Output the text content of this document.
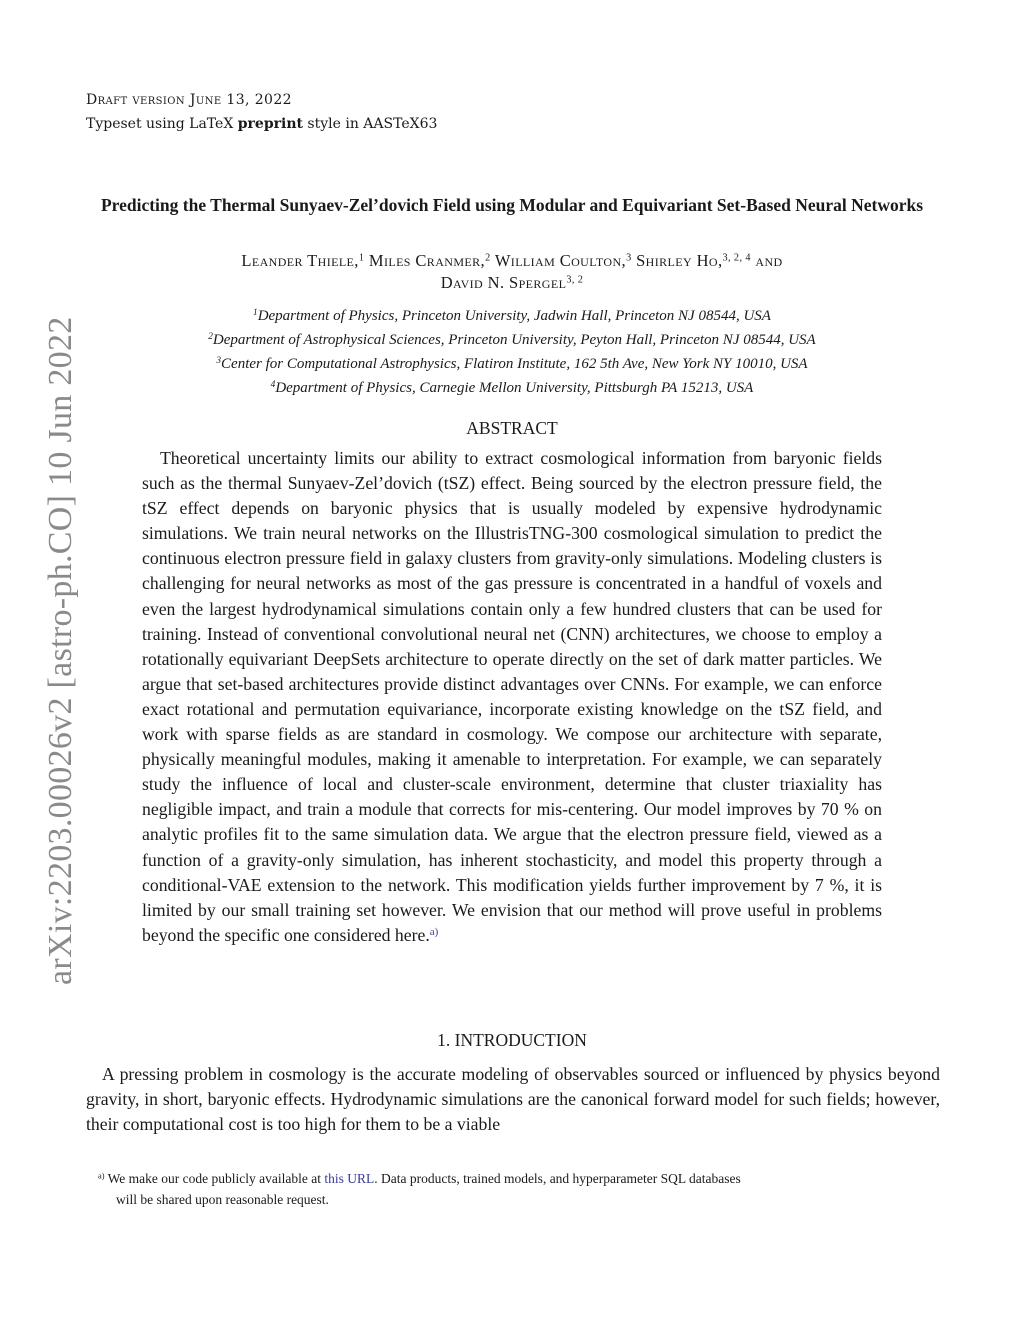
Draft version June 13, 2022
Typeset using LaTeX preprint style in AASTeX63
arXiv:2203.00026v2 [astro-ph.CO] 10 Jun 2022
Predicting the Thermal Sunyaev-Zel’dovich Field using Modular and Equivariant Set-Based Neural Networks
Leander Thiele,$^1$ Miles Cranmer,$^2$ William Coulton,$^3$ Shirley Ho,$^{3, 2, 4}$ and
David N. Spergel$^{3, 2}$
$^1$Department of Physics, Princeton University, Jadwin Hall, Princeton NJ 08544, USA
$^2$Department of Astrophysical Sciences, Princeton University, Peyton Hall, Princeton NJ 08544, USA
$^3$Center for Computational Astrophysics, Flatiron Institute, 162 5th Ave, New York NY 10010, USA
$^4$Department of Physics, Carnegie Mellon University, Pittsburgh PA 15213, USA
ABSTRACT
Theoretical uncertainty limits our ability to extract cosmological information from baryonic fields such as the thermal Sunyaev-Zel’dovich (tSZ) effect. Being sourced by the electron pressure field, the tSZ effect depends on baryonic physics that is usually modeled by expensive hydrodynamic simulations. We train neural networks on the IllustrisTNG-300 cosmological simulation to predict the continuous electron pressure field in galaxy clusters from gravity-only simulations. Modeling clusters is challenging for neural networks as most of the gas pressure is concentrated in a handful of voxels and even the largest hydrodynamical simulations contain only a few hundred clusters that can be used for training. Instead of conventional convolutional neural net (CNN) architectures, we choose to employ a rotationally equivariant DeepSets architecture to operate directly on the set of dark matter particles. We argue that set-based architectures provide distinct advantages over CNNs. For example, we can enforce exact rotational and permutation equivariance, incorporate existing knowledge on the tSZ field, and work with sparse fields as are standard in cosmology. We compose our architecture with separate, physically meaningful modules, making it amenable to interpretation. For example, we can separately study the influence of local and cluster-scale environment, determine that cluster triaxiality has negligible impact, and train a module that corrects for mis-centering. Our model improves by 70 % on analytic profiles fit to the same simulation data. We argue that the electron pressure field, viewed as a function of a gravity-only simulation, has inherent stochasticity, and model this property through a conditional-VAE extension to the network. This modification yields further improvement by 7 %, it is limited by our small training set however. We envision that our method will prove useful in problems beyond the specific one considered here.$^{a)}$
1. INTRODUCTION
A pressing problem in cosmology is the accurate modeling of observables sourced or influenced by physics beyond gravity, in short, baryonic effects. Hydrodynamic simulations are the canonical forward model for such fields; however, their computational cost is too high for them to be a viable
$^{a)}$ We make our code publicly available at this URL. Data products, trained models, and hyperparameter SQL databases
will be shared upon reasonable request.
